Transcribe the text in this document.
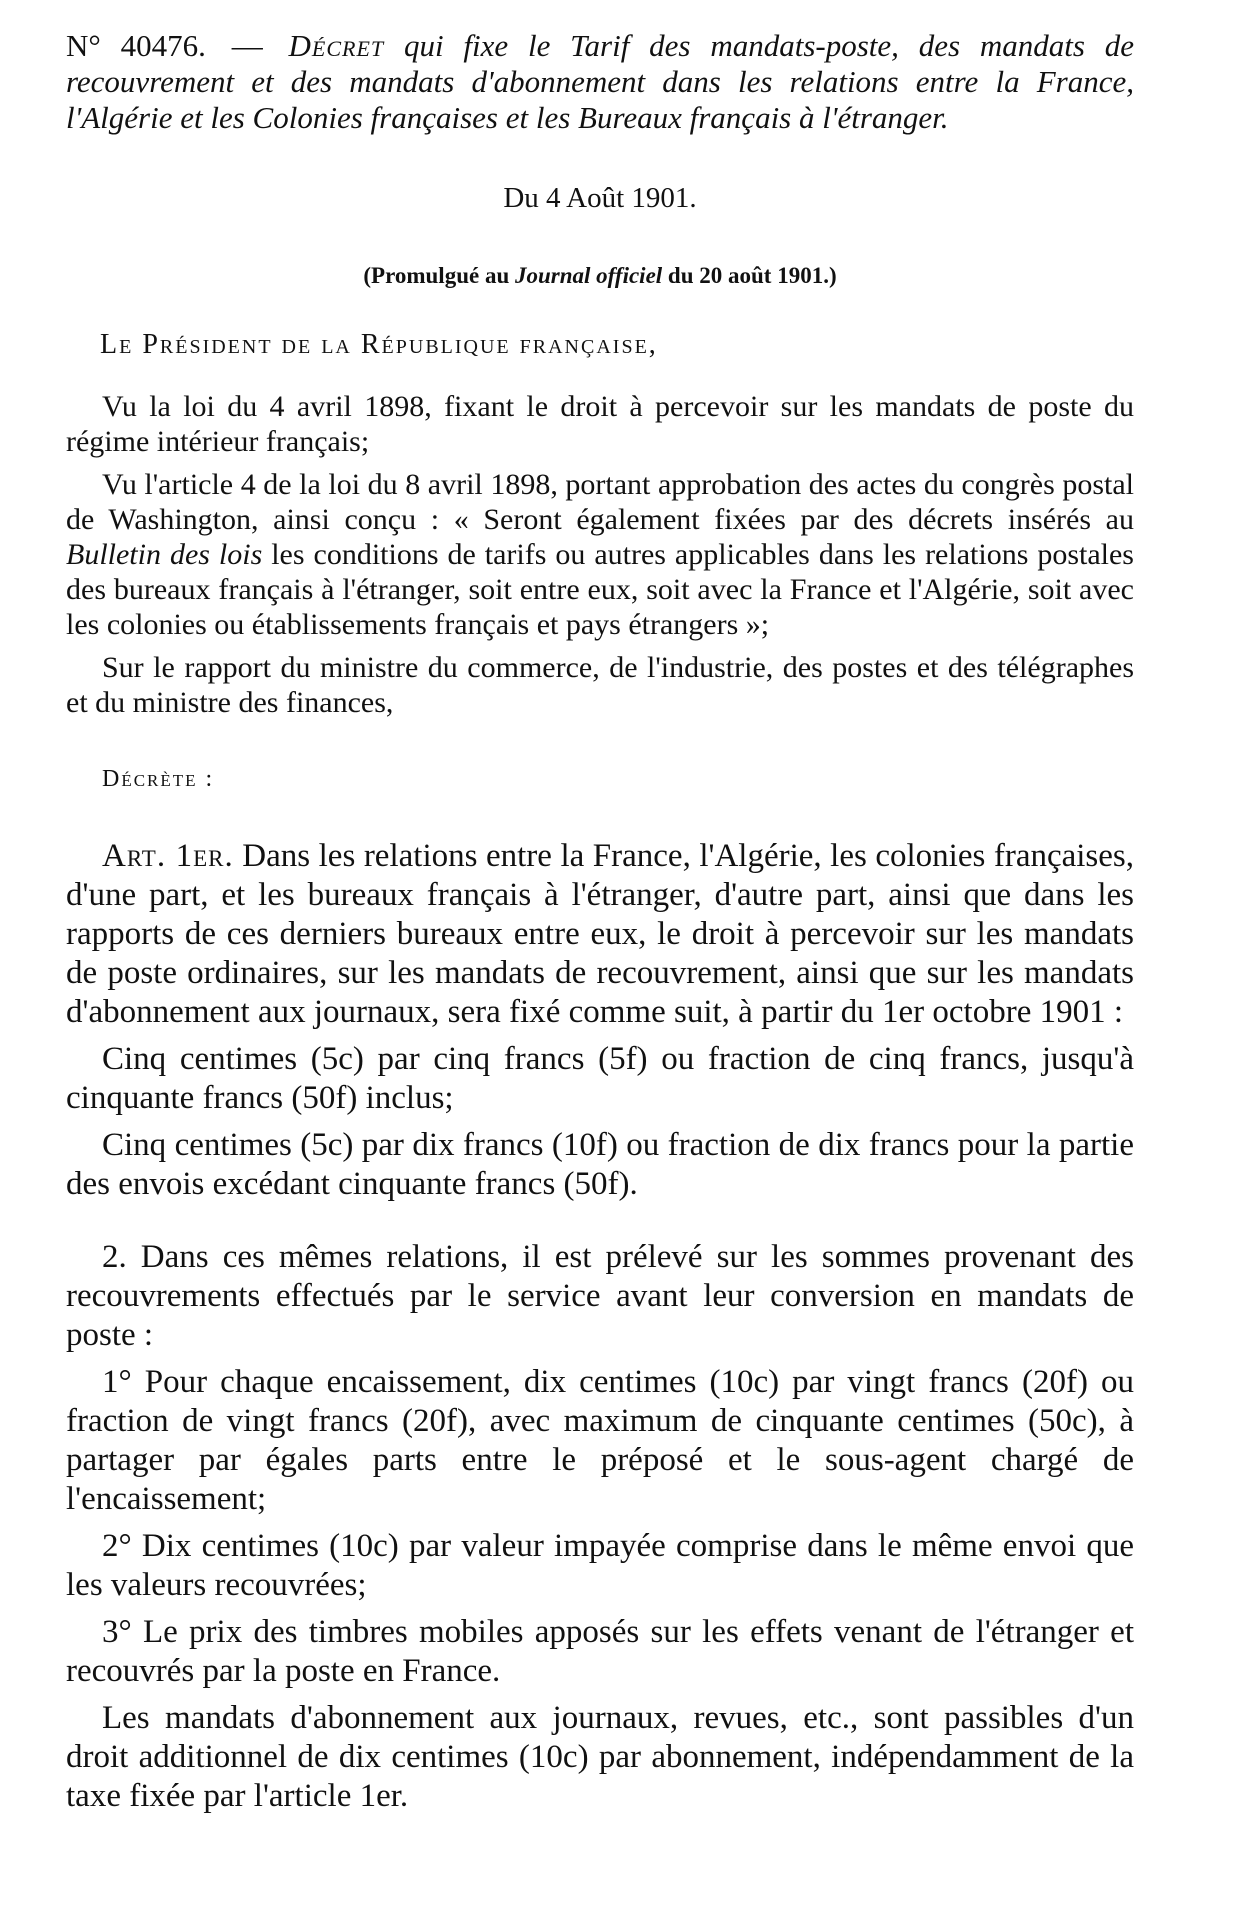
N° 40476. — Décret qui fixe le Tarif des mandats-poste, des mandats de recouvrement et des mandats d'abonnement dans les relations entre la France, l'Algérie et les Colonies françaises et les Bureaux français à l'étranger.

Du 4 Août 1901.
(Promulgué au Journal officiel du 20 août 1901.)
Le Président de la République française,

Vu la loi du 4 avril 1898, fixant le droit à percevoir sur les mandats de poste du régime intérieur français;

Vu l'article 4 de la loi du 8 avril 1898, portant approbation des actes du congrès postal de Washington, ainsi conçu : « Seront également fixées par des décrets insérés au Bulletin des lois les conditions de tarifs ou autres applicables dans les relations postales des bureaux français à l'étranger, soit entre eux, soit avec la France et l'Algérie, soit avec les colonies ou établissements français et pays étrangers »;

Sur le rapport du ministre du commerce, de l'industrie, des postes et des télégraphes et du ministre des finances,

Décrète :

Art. 1er. Dans les relations entre la France, l'Algérie, les colonies françaises, d'une part, et les bureaux français à l'étranger, d'autre part, ainsi que dans les rapports de ces derniers bureaux entre eux, le droit à percevoir sur les mandats de poste ordinaires, sur les mandats de recouvrement, ainsi que sur les mandats d'abonnement aux journaux, sera fixé comme suit, à partir du 1er octobre 1901 :

Cinq centimes (5c) par cinq francs (5f) ou fraction de cinq francs, jusqu'à cinquante francs (50f) inclus;

Cinq centimes (5c) par dix francs (10f) ou fraction de dix francs pour la partie des envois excédant cinquante francs (50f).

2. Dans ces mêmes relations, il est prélevé sur les sommes provenant des recouvrements effectués par le service avant leur conversion en mandats de poste :

1° Pour chaque encaissement, dix centimes (10c) par vingt francs (20f) ou fraction de vingt francs (20f), avec maximum de cinquante centimes (50c), à partager par égales parts entre le préposé et le sous-agent chargé de l'encaissement;

2° Dix centimes (10c) par valeur impayée comprise dans le même envoi que les valeurs recouvrées;

3° Le prix des timbres mobiles apposés sur les effets venant de l'étranger et recouvrés par la poste en France.

Les mandats d'abonnement aux journaux, revues, etc., sont passibles d'un droit additionnel de dix centimes (10c) par abonnement, indépendamment de la taxe fixée par l'article 1er.
